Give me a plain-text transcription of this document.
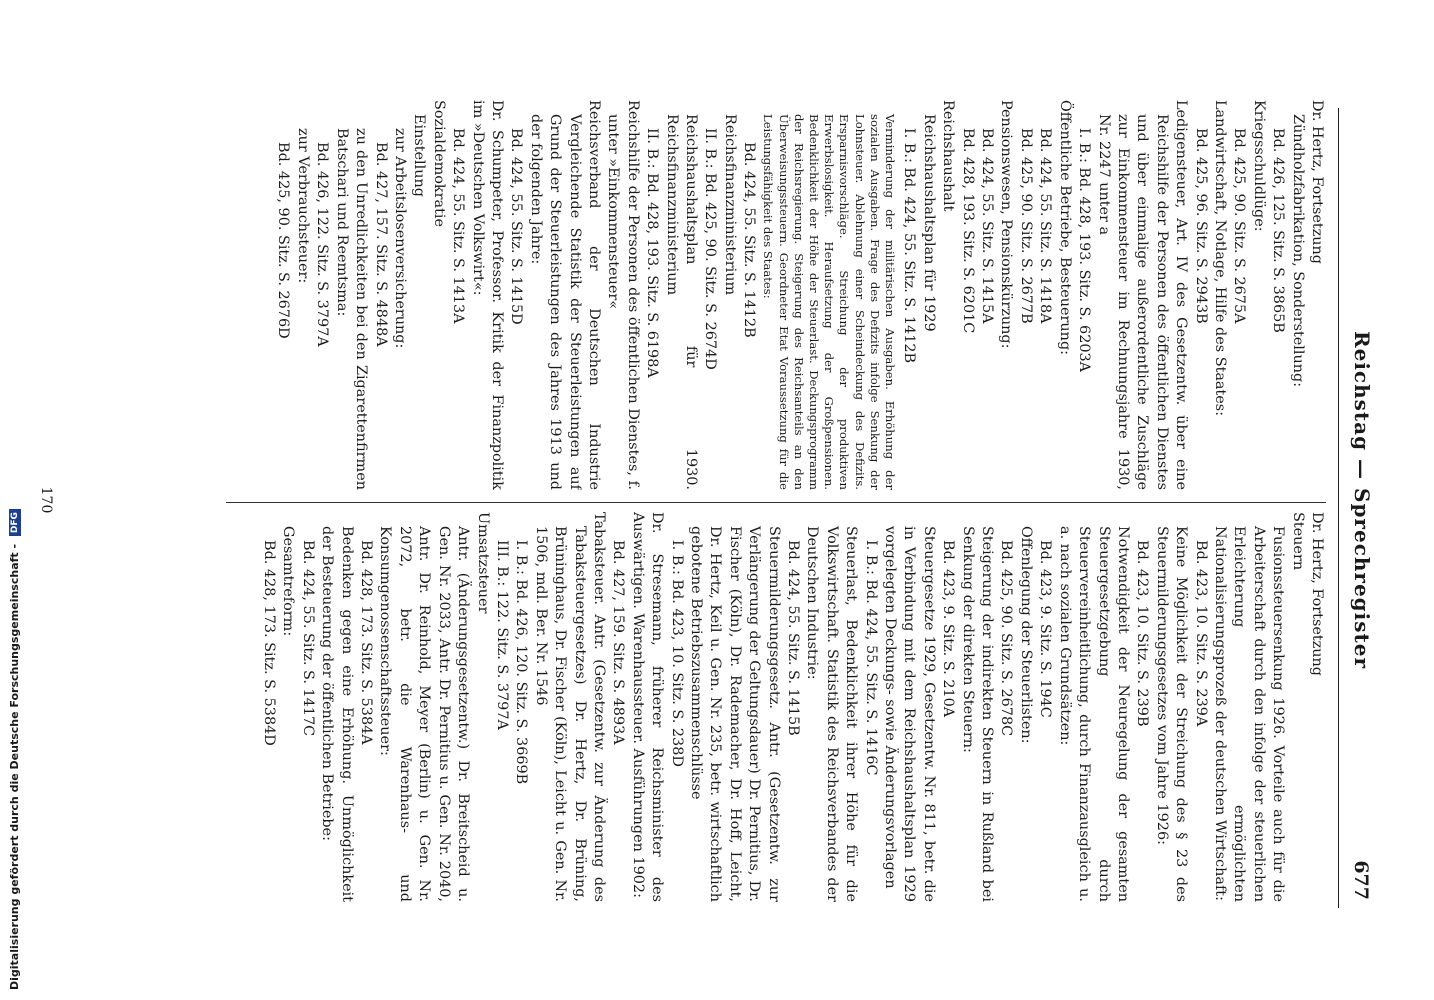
Reichstag — Sprechregister
677

Dr. Hertz, Fortsetzung

Zündholzfabrikation, Sonderstellung:

Bd. 426, 125. Sitz. S. 3865B

Kriegsschuldlüge:

Bd. 425, 90. Sitz. S. 2675A

Landwirtschaft, Notlage, Hilfe des Staates:

Bd. 425, 96. Sitz. S. 2943B

Ledigensteuer, Art. IV des Gesetzentw. über eine Reichshilfe der Personen des öffentlichen Dienstes und über einmalige außerordentliche Zuschläge zur Einkommensteuer im Rechnungsjahre 1930, Nr. 2247 unter a

I. B.: Bd. 428, 193. Sitz. S. 6203A

Öffentliche Betriebe, Besteuerung:

Bd. 424, 55. Sitz. S. 1418A

Bd. 425, 90. Sitz. S. 2677B

Pensionswesen, Pensionskürzung:

Bd. 424, 55. Sitz. S. 1415A

Bd. 428, 193. Sitz. S. 6201C

Reichshaushalt

Reichshaushaltsplan für 1929

I. B.: Bd. 424, 55. Sitz. S. 1412B

Verminderung der militärischen Ausgaben. Erhöhung der sozialen Ausgaben. Frage des Defizits infolge Senkung der Lohnsteuer. Ablehnung einer Scheindeckung des Defizits. Ersparnisvorschläge. Streichung der produktiven Erwerbslosigkeit. Heraufsetzung der Großpensionen. Bedenklichkeit der Höhe der Steuerlast. Deckungsprogramm der Reichsregierung. Steigerung des Reichsanteils an den Überweisungssteuern. Geordneter Etat Voraussetzung für die Leistungsfähigkeit des Staates:

Bd. 424, 55. Sitz. S. 1412B

Reichsfinanzministerium

II. B.: Bd. 425, 90. Sitz. S. 2674D

Reichshaushaltsplan für 1930. Reichsfinanzministerium

II. B.: Bd. 428, 193. Sitz. S. 6198A

Reichshilfe der Personen des öffentlichen Dienstes, f. unter »Einkommensteuer«

Reichsverband der Deutschen Industrie Vergleichende Statistik der Steuerleistungen auf Grund der Steuerleistungen des Jahres 1913 und der folgenden Jahre:

Bd. 424, 55. Sitz. S. 1415D

Dr. Schumpeter, Professor. Kritik der Finanzpolitik im »Deutschen Volkswirt«:

Bd. 424, 55. Sitz. S. 1413A

Sozialdemokratie

Einstellung

zur Arbeitslosenversicherung:

Bd. 427, 157. Sitz. S. 4848A

zu den Unredlichkeiten bei den Zigarettenfirmen Batschari und Reemtsma:

Bd. 426, 122. Sitz. S. 3797A

zur Verbrauchsteuer:

Bd. 425, 90. Sitz. S. 2676D

Dr. Hertz, Fortsetzung

Steuern

Fusionssteuersenkung 1926. Vorteile auch für die Arbeiterschaft durch den infolge der steuerlichen Erleichterung ermöglichten Nationalisierungsprozeß der deutschen Wirtschaft:

Bd. 423, 10. Sitz. S. 239A

Keine Möglichkeit der Streichung des § 23 des Steuermilderungsgesetzes vom Jahre 1926:

Bd. 423, 10. Sitz. S. 239B

Notwendigkeit der Neuregelung der gesamten Steuergesetzgebung durch Steuervereinheitlichung, durch Finanzausgleich u. a. nach sozialen Grundsätzen:

Bd. 423, 9. Sitz. S. 194C

Offenlegung der Steuerlisten:

Bd. 425, 90. Sitz. S. 2678C

Steigerung der indirekten Steuern in Rußland bei Senkung der direkten Steuern:

Bd. 423, 9. Sitz. S. 210A

Steuergesetze 1929, Gesetzentw. Nr. 811, betr. die in Verbindung mit dem Reichshaushaltsplan 1929 vorgelegten Deckungs- sowie Änderungsvorlagen

I. B.: Bd. 424, 55. Sitz. S. 1416C

Steuerlast, Bedenklichkeit ihrer Höhe für die Volkswirtschaft. Statistik des Reichsverbandes der Deutschen Industrie:

Bd. 424, 55. Sitz. S. 1415B

Steuermilderungsgesetz. Antr. (Gesetzentw. zur Verlängerung der Geltungsdauer) Dr. Pernitius, Dr. Fischer (Köln), Dr. Rademacher, Dr. Hoff, Leicht, Dr. Hertz, Keil u. Gen. Nr. 235, betr. wirtschaftlich gebotene Betriebszusammenschlüsse

I. B.: Bd. 423, 10. Sitz. S. 238D

Dr. Stresemann, früherer Reichsminister des Auswärtigen. Warenhaussteuer. Ausführungen 1902:

Bd. 427, 159. Sitz. S. 4893A

Tabaksteuer. Antr. (Gesetzentw. zur Änderung des Tabaksteuergesetzes) Dr. Hertz, Dr. Brüning, Brüninghaus, Dr. Fischer (Köln), Leicht u. Gen. Nr. 1506, mdl. Ber. Nr. 1546

I. B.: Bd. 426, 120. Sitz. S. 3669B

III. B.: 122. Sitz. S. 3797A

Umsatzsteuer

Antr. (Änderungsgesetzentw.) Dr. Breitscheid u. Gen. Nr. 2033, Antr. Dr. Pernitius u. Gen. Nr. 2040, Antr. Dr. Reinhold, Meyer (Berlin) u. Gen. Nr. 2072, betr. die Warenhaus- und Konsumgenossenschaftssteuer:

Bd. 428, 173. Sitz. S. 5384A

Bedenken gegen eine Erhöhung. Unmöglichkeit der Besteuerung der öffentlichen Betriebe:

Bd. 424, 55. Sitz. S. 1417C

Gesamtreform:

Bd. 428, 173. Sitz. S. 5384D

170
Digitalisierung gefördert durch die Deutsche Forschungsgemeinschaft - DFG
